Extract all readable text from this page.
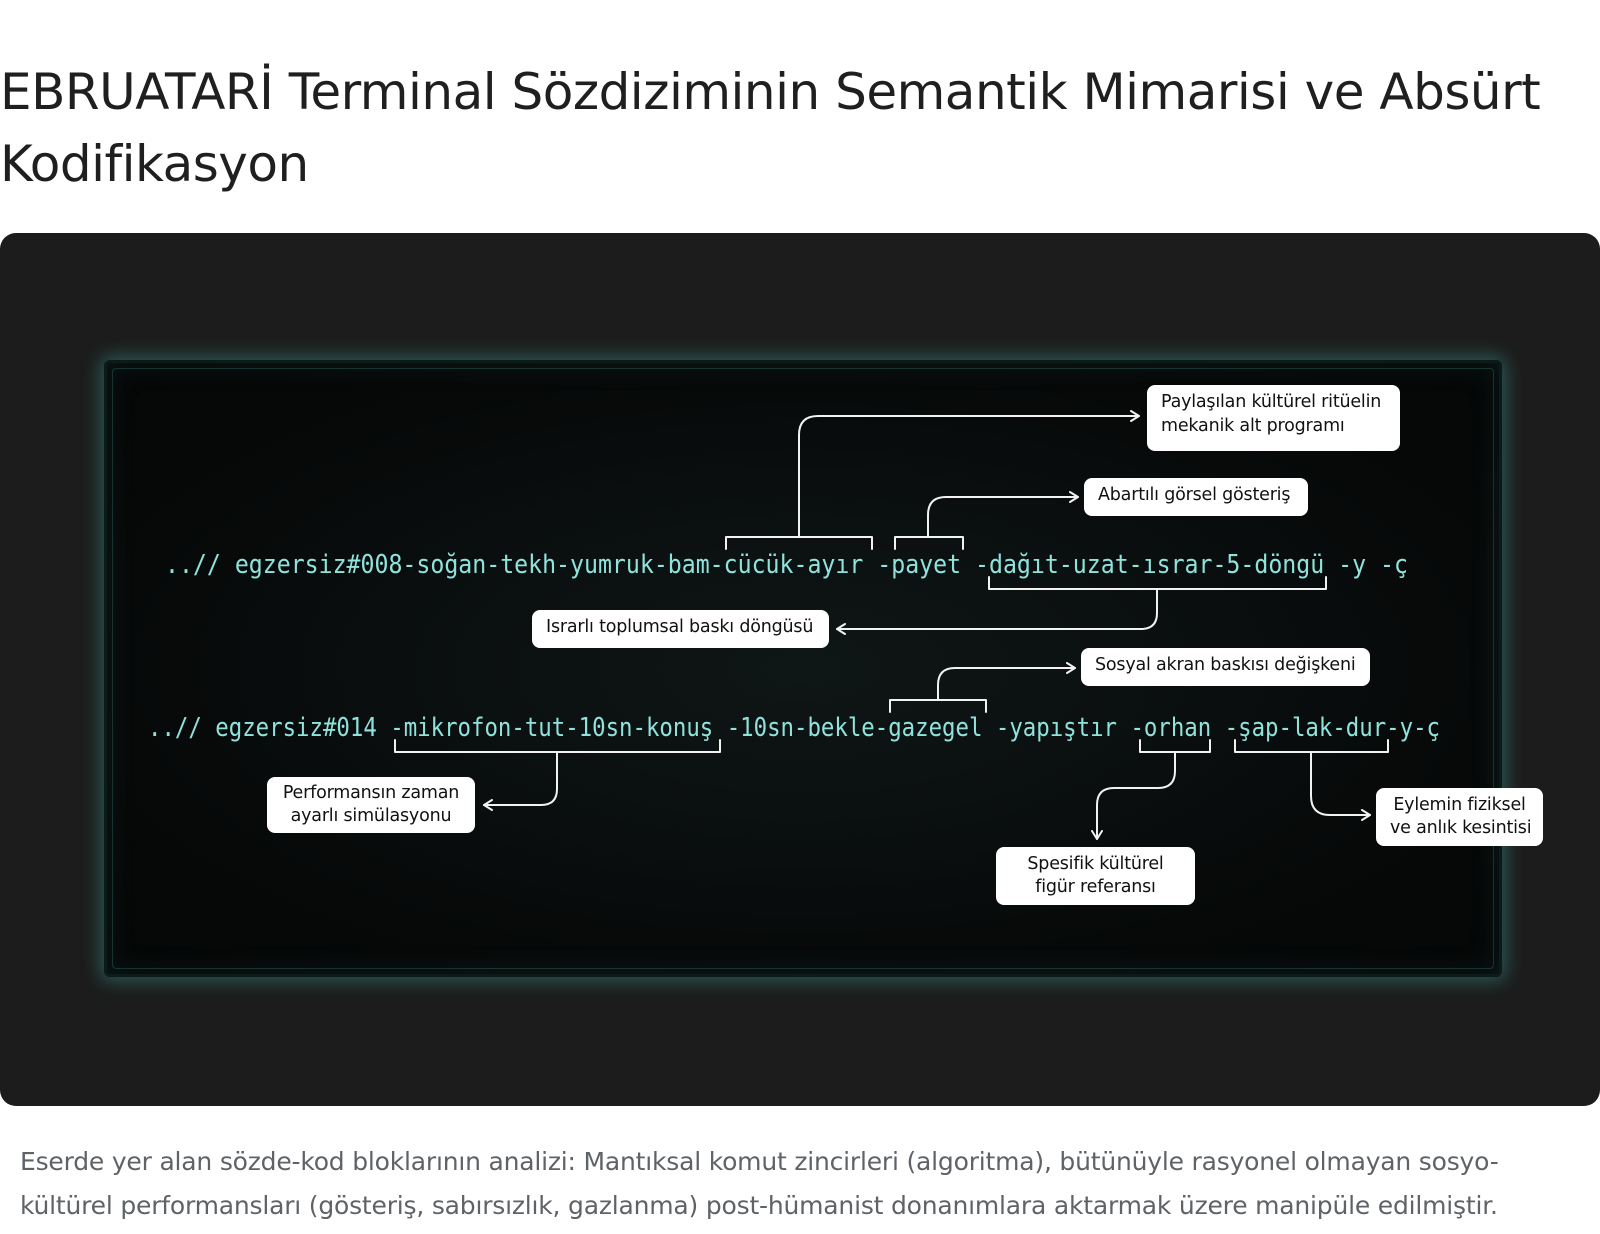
EBRUATARİ Terminal Sözdiziminin Semantik Mimarisi ve Absürt Kodifikasyon
..// egzersiz#008-soğan-tekh-yumruk-bam-cücük-ayır -payet -dağıt-uzat-ısrar-5-döngü -y -ç
..// egzersiz#014 -mikrofon-tut-10sn-konuş -10sn-bekle-gazegel -yapıştır -orhan -şap-lak-dur-y-ç
Paylaşılan kültürel ritüelin
mekanik alt programı
Abartılı görsel gösteriş
Israrlı toplumsal baskı döngüsü
Sosyal akran baskısı değişkeni
Performansın zaman
ayarlı simülasyonu
Eylemin fiziksel
ve anlık kesintisi
Spesifik kültürel
figür referansı

Eserde yer alan sözde-kod bloklarının analizi: Mantıksal komut zincirleri (algoritma), bütünüyle rasyonel olmayan sosyo-kültürel performansları (gösteriş, sabırsızlık, gazlanma) post-hümanist donanımlara aktarmak üzere manipüle edilmiştir.
